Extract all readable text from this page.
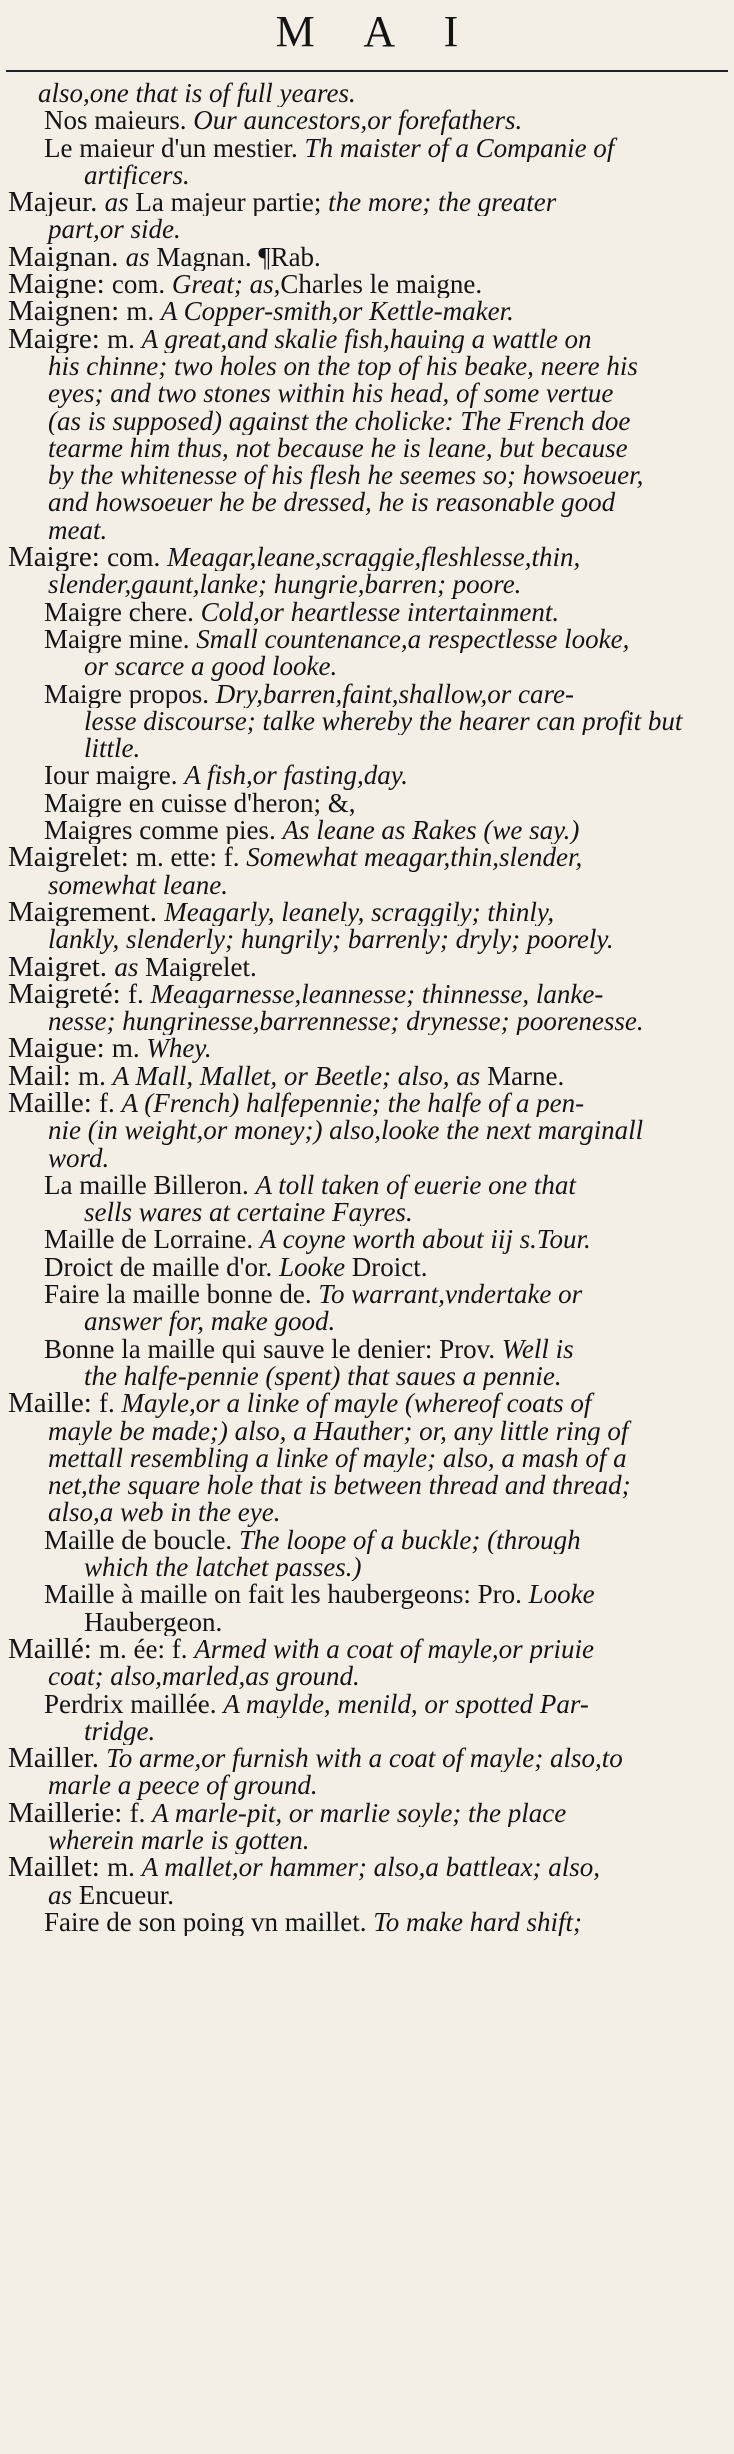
M A I
also,one that is of full yeares.
Nos maieurs. Our auncestors,or forefathers.
Le maieur d'un mestier. Th maister of a Companie of
artificers.
Majeur. as La majeur partie; the more; the greater
part,or side.
Maignan. as Magnan. ¶Rab.
Maigne: com. Great; as,Charles le maigne.
Maignen: m. A Copper-smith,or Kettle-maker.
Maigre: m. A great,and skalie fish,hauing a wattle on
his chinne; two holes on the top of his beake, neere his
eyes; and two stones within his head, of some vertue
(as is supposed) against the cholicke: The French doe
tearme him thus, not because he is leane, but because
by the whitenesse of his flesh he seemes so; howsoeuer,
and howsoeuer he be dressed, he is reasonable good
meat.
Maigre: com. Meagar,leane,scraggie,fleshlesse,thin,
slender,gaunt,lanke; hungrie,barren; poore.
Maigre chere. Cold,or heartlesse intertainment.
Maigre mine. Small countenance,a respectlesse looke,
or scarce a good looke.
Maigre propos. Dry,barren,faint,shallow,or care-
lesse discourse; talke whereby the hearer can profit but
little.
Iour maigre. A fish,or fasting,day.
Maigre en cuisse d'heron; &,
Maigres comme pies. As leane as Rakes (we say.)
Maigrelet: m. ette: f. Somewhat meagar,thin,slender,
somewhat leane.
Maigrement. Meagarly, leanely, scraggily; thinly,
lankly, slenderly; hungrily; barrenly; dryly; poorely.
Maigret. as Maigrelet.
Maigreté: f. Meagarnesse,leannesse; thinnesse, lanke-
nesse; hungrinesse,barrennesse; drynesse; poorenesse.
Maigue: m. Whey.
Mail: m. A Mall, Mallet, or Beetle; also, as Marne.
Maille: f. A (French) halfepennie; the halfe of a pen-
nie (in weight,or money;) also,looke the next marginall
word.
La maille Billeron. A toll taken of euerie one that
sells wares at certaine Fayres.
Maille de Lorraine. A coyne worth about iij s.Tour.
Droict de maille d'or. Looke Droict.
Faire la maille bonne de. To warrant,vndertake or
answer for, make good.
Bonne la maille qui sauve le denier: Prov. Well is
the halfe-pennie (spent) that saues a pennie.
Maille: f. Mayle,or a linke of mayle (whereof coats of
mayle be made;) also, a Hauther; or, any little ring of
mettall resembling a linke of mayle; also, a mash of a
net,the square hole that is between thread and thread;
also,a web in the eye.
Maille de boucle. The loope of a buckle; (through
which the latchet passes.)
Maille à maille on fait les haubergeons: Pro. Looke
Haubergeon.
Maillé: m. ée: f. Armed with a coat of mayle,or priuie
coat; also,marled,as ground.
Perdrix maillée. A maylde, menild, or spotted Par-
tridge.
Mailler. To arme,or furnish with a coat of mayle; also,to
marle a peece of ground.
Maillerie: f. A marle-pit, or marlie soyle; the place
wherein marle is gotten.
Maillet: m. A mallet,or hammer; also,a battleax; also,
as Encueur.
Faire de son poing vn maillet. To make hard shift;
